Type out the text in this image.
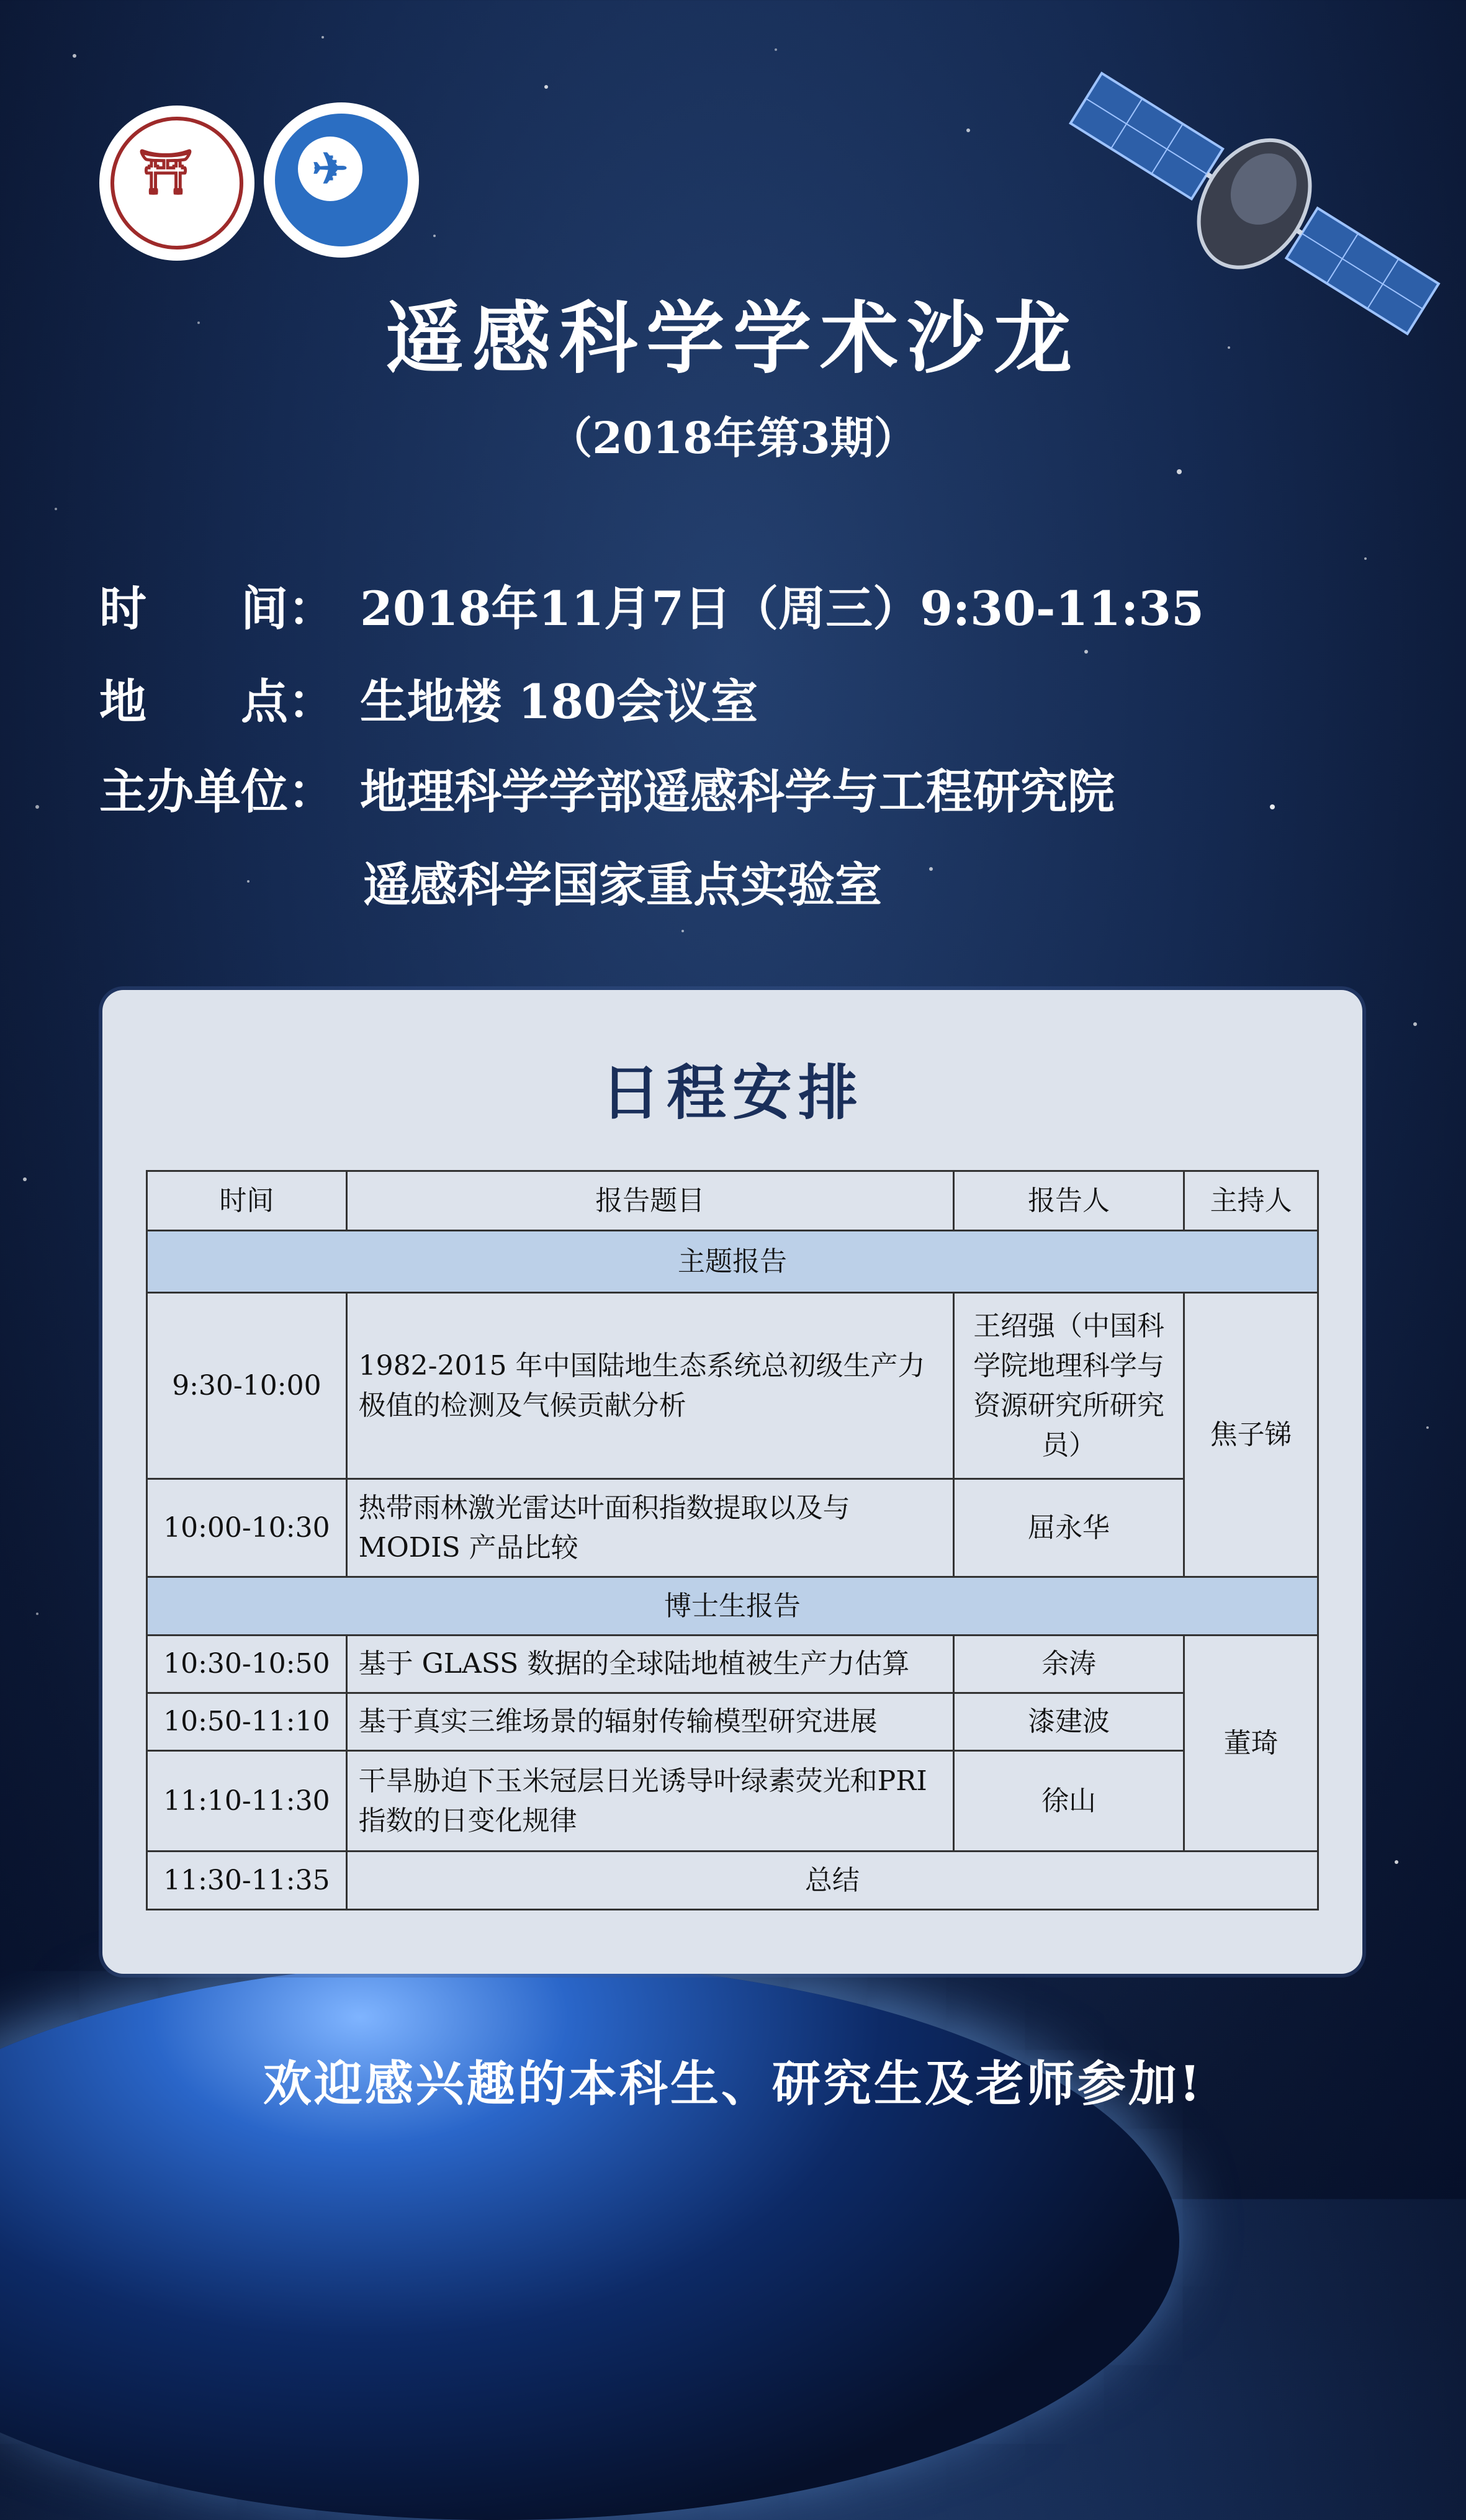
⛩	✈
遥感科学学术沙龙
（2018年第3期）
时　　间： 2018年11月7日（周三）9:30-11:35
地　　点： 生地楼 180会议室
主办单位： 地理科学学部遥感科学与工程研究院
遥感科学国家重点实验室
日程安排
时间	报告题目	报告人	主持人
主题报告			
9:30-10:00	1982-2015 年中国陆地生态系统总初级生产力极值的检测及气候贡献分析	王绍强（中国科学院地理科学与资源研究所研究员）	焦子锑
10:00-10:30	热带雨林激光雷达叶面积指数提取以及与MODIS 产品比较	屈永华	
博士生报告			
10:30-10:50	基于 GLASS 数据的全球陆地植被生产力估算	余涛	董琦
10:50-11:10	基于真实三维场景的辐射传输模型研究进展	漆建波	
11:10-11:30	干旱胁迫下玉米冠层日光诱导叶绿素荧光和PRI 指数的日变化规律	徐山	
11:30-11:35	总结		
欢迎感兴趣的本科生、研究生及老师参加!
